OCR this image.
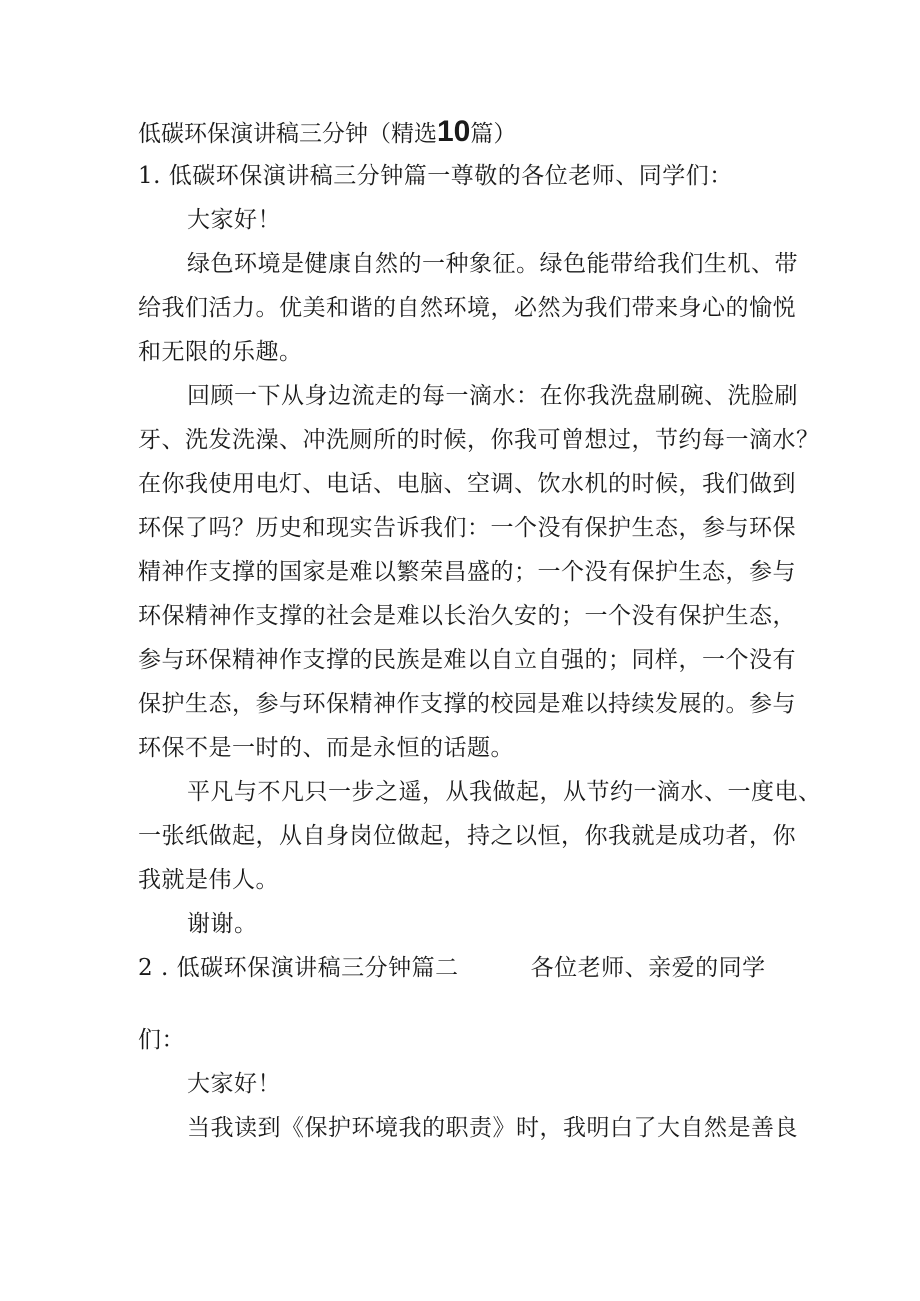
低碳环保演讲稿三分钟（精选10篇）
1. 低碳环保演讲稿三分钟篇一尊敬的各位老师、同学们：
大家好！
绿色环境是健康自然的一种象征。绿色能带给我们生机、带
给我们活力。优美和谐的自然环境，必然为我们带来身心的愉悦
和无限的乐趣。
回顾一下从身边流走的每一滴水：在你我洗盘刷碗、洗脸刷
牙、洗发洗澡、冲洗厕所的时候，你我可曾想过，节约每一滴水？
在你我使用电灯、电话、电脑、空调、饮水机的时候，我们做到
环保了吗？历史和现实告诉我们：一个没有保护生态，参与环保
精神作支撑的国家是难以繁荣昌盛的；一个没有保护生态，参与
环保精神作支撑的社会是难以长治久安的；一个没有保护生态，
参与环保精神作支撑的民族是难以自立自强的；同样，一个没有
保护生态，参与环保精神作支撑的校园是难以持续发展的。参与
环保不是一时的、而是永恒的话题。
平凡与不凡只一步之遥，从我做起，从节约一滴水、一度电、
一张纸做起，从自身岗位做起，持之以恒，你我就是成功者，你
我就是伟人。
谢谢。
2 . 低碳环保演讲稿三分钟篇二	各位老师、亲爱的同学
们：
大家好！
当我读到《保护环境我的职责》时，我明白了大自然是善良
